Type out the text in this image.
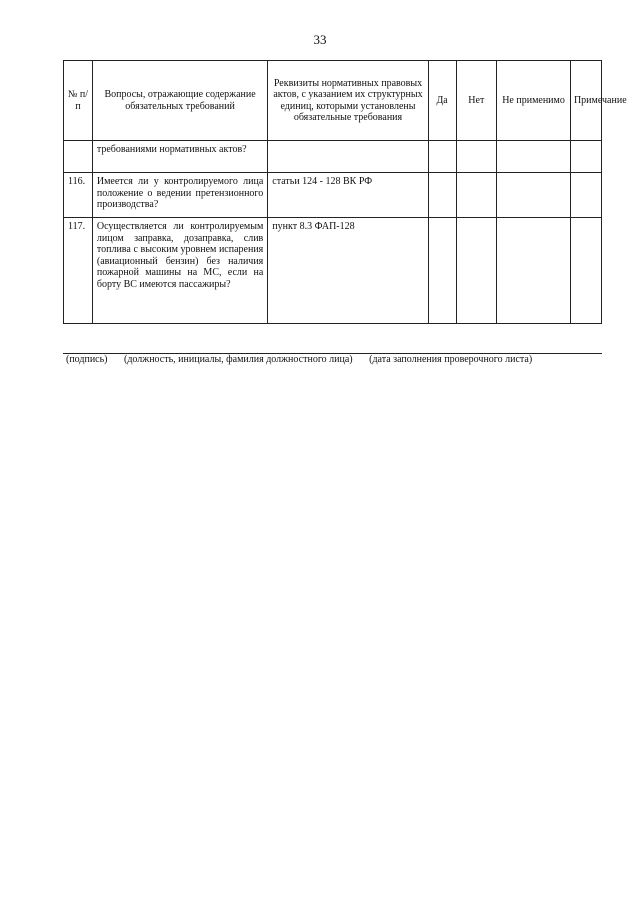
33
№ п/п	Вопросы, отражающие содержание обязательных требований	Реквизиты нормативных правовых актов, с указанием их структурных единиц, которыми установлены обязательные требования	Да	Нет	Не применимо	Примечание
	требованиями нормативных актов?					
116.	Имеется ли у контролируемого лица положение о ведении претензионного производства?	статьи 124 - 128 ВК РФ				
117.	Осуществляется ли контролируемым лицом заправка, дозаправка, слив топлива с высоким уровнем испарения (авиационный бензин) без наличия пожарной машины на МС, если на борту ВС имеются пассажиры?	пункт 8.3 ФАП-128				
(подпись) (должность, инициалы, фамилия должностного лица) (дата заполнения проверочного листа)
